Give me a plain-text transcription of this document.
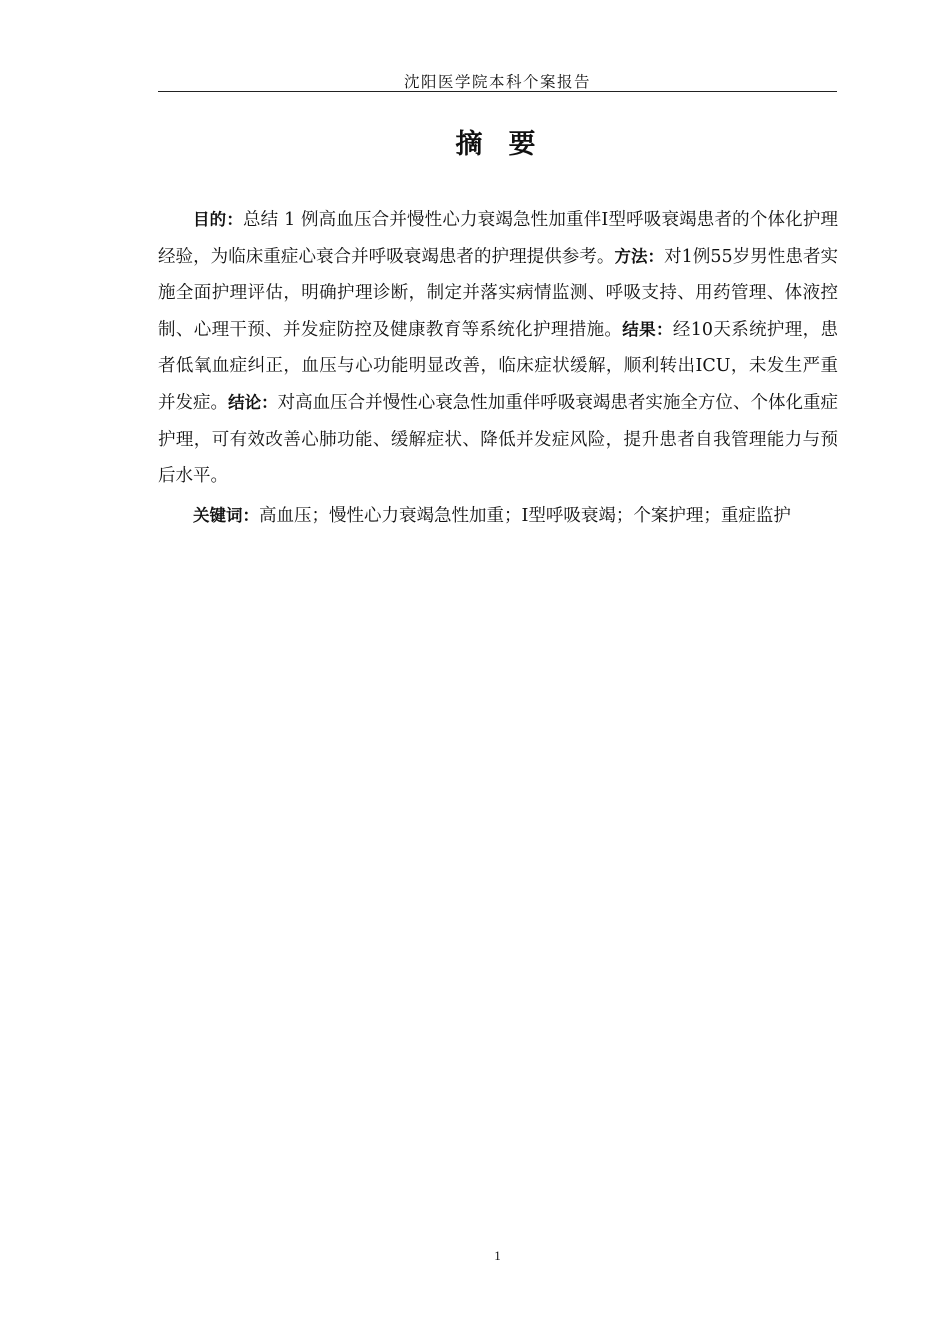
沈阳医学院本科个案报告
摘 要

目的：总结 1 例高血压合并慢性心力衰竭急性加重伴Ⅰ型呼吸衰竭患者的个体化护理经验，为临床重症心衰合并呼吸衰竭患者的护理提供参考。方法：对1例55岁男性患者实施全面护理评估，明确护理诊断，制定并落实病情监测、呼吸支持、用药管理、体液控制、心理干预、并发症防控及健康教育等系统化护理措施。结果：经10天系统护理，患者低氧血症纠正，血压与心功能明显改善，临床症状缓解，顺利转出ICU，未发生严重并发症。结论：对高血压合并慢性心衰急性加重伴呼吸衰竭患者实施全方位、个体化重症护理，可有效改善心肺功能、缓解症状、降低并发症风险，提升患者自我管理能力与预后水平。

关键词：高血压；慢性心力衰竭急性加重；Ⅰ型呼吸衰竭；个案护理；重症监护

1
